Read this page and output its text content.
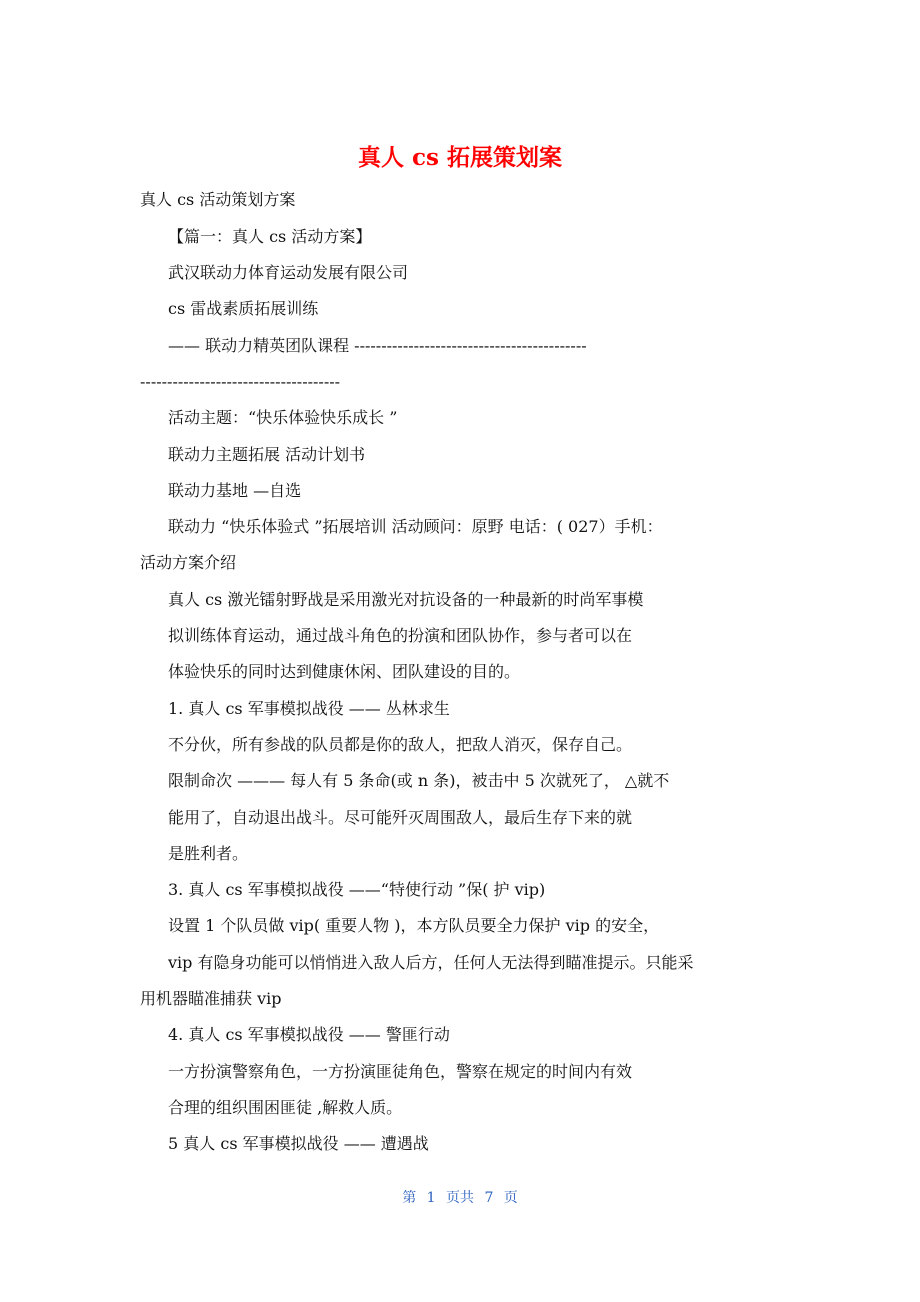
真人 cs 拓展策划案

真人 cs 活动策划方案

【篇一：真人 cs 活动方案】

武汉联动力体育运动发展有限公司

cs 雷战素质拓展训练

—— 联动力精英团队课程 -------------------------------------------

-------------------------------------

活动主题：“快乐体验快乐成长 ”

联动力主题拓展 活动计划书

联动力基地 —自选

联动力 “快乐体验式 ”拓展培训 活动顾问：原野 电话：( 027）手机：

活动方案介绍

真人 cs 激光镭射野战是采用激光对抗设备的一种最新的时尚军事模

拟训练体育运动，通过战斗角色的扮演和团队协作，参与者可以在

体验快乐的同时达到健康休闲、团队建设的目的。

1. 真人 cs 军事模拟战役 —— 丛林求生

不分伙，所有参战的队员都是你的敌人，把敌人消灭，保存自己。

限制命次 ——— 每人有 5 条命(或 n 条)，被击中 5 次就死了， △就不

能用了，自动退出战斗。尽可能歼灭周围敌人，最后生存下来的就

是胜利者。

3. 真人 cs 军事模拟战役 ——“特使行动 ”保( 护 vip)

设置 1 个队员做 vip( 重要人物 )，本方队员要全力保护 vip 的安全，

vip 有隐身功能可以悄悄进入敌人后方，任何人无法得到瞄准提示。只能采

用机器瞄准捕获 vip

4. 真人 cs 军事模拟战役 —— 警匪行动

一方扮演警察角色，一方扮演匪徒角色，警察在规定的时间内有效

合理的组织围困匪徒 ,解救人质。

5 真人 cs 军事模拟战役 —— 遭遇战

第 1 页共 7 页
